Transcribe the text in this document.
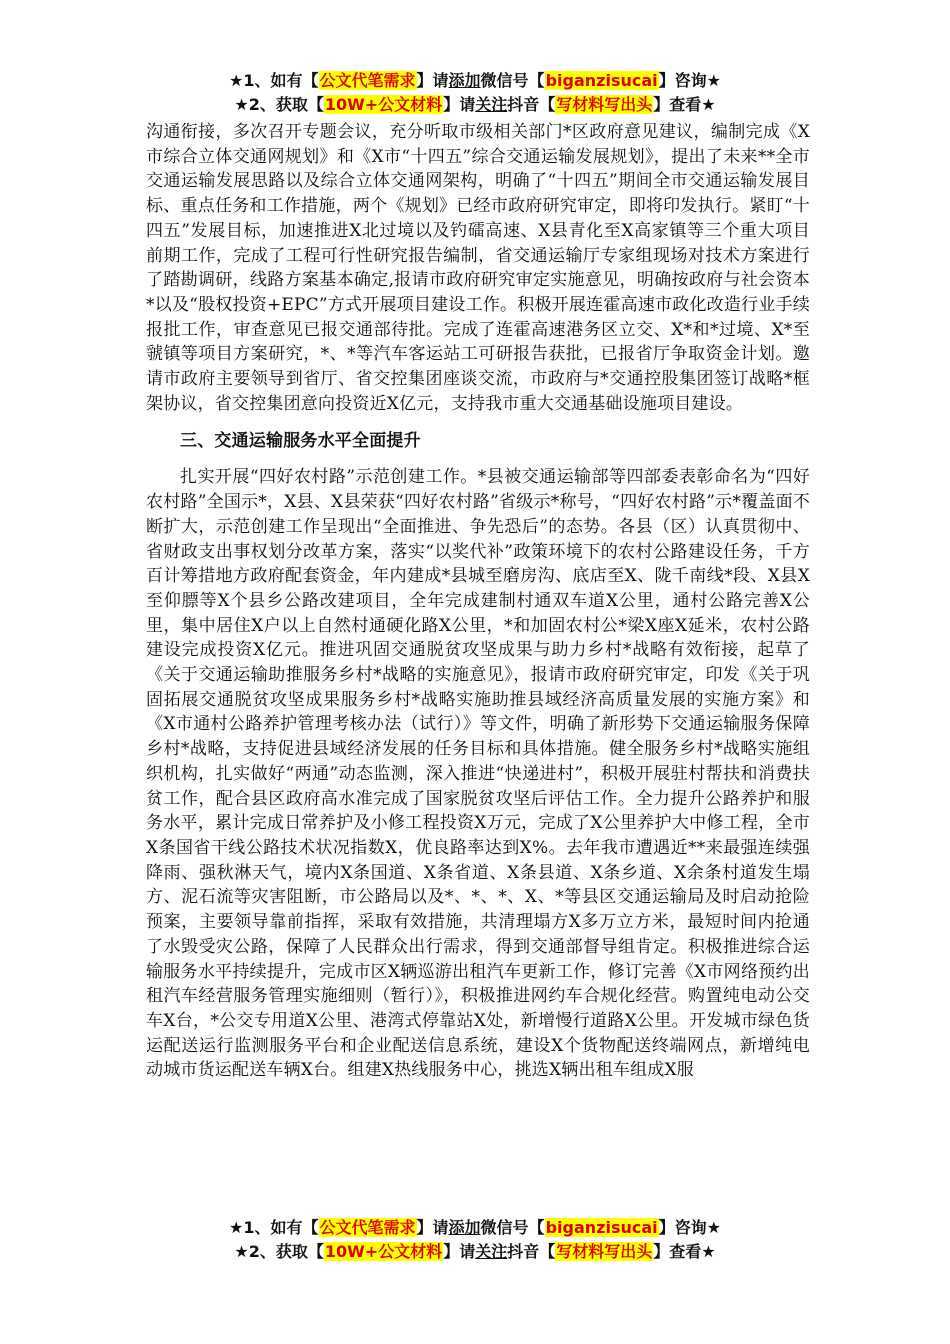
★1、如有【公文代笔需求】请添加微信号【biganzisucai】咨询★
★2、获取【10W+公文材料】请关注抖音【写材料写出头】查看★

沟通衔接，多次召开专题会议，充分听取市级相关部门*区政府意见建议，编制完成《X市综合立体交通网规划》和《X市“十四五”综合交通运输发展规划》，提出了未来**全市交通运输发展思路以及综合立体交通网架构，明确了“十四五”期间全市交通运输发展目标、重点任务和工作措施，两个《规划》已经市政府研究审定，即将印发执行。紧盯“十四五”发展目标，加速推进X北过境以及钓礌高速、X县青化至X高家镇等三个重大项目前期工作，完成了工程可行性研究报告编制，省交通运输厅专家组现场对技术方案进行了踏勘调研，线路方案基本确定,报请市政府研究审定实施意见，明确按政府与社会资本*以及“股权投资+EPC”方式开展项目建设工作。积极开展连霍高速市政化改造行业手续报批工作，审查意见已报交通部待批。完成了连霍高速港务区立交、X*和*过境、X*至虢镇等项目方案研究，*、*等汽车客运站工可研报告获批，已报省厅争取资金计划。邀请市政府主要领导到省厅、省交控集团座谈交流，市政府与*交通控股集团签订战略*框架协议，省交控集团意向投资近X亿元，支持我市重大交通基础设施项目建设。

三、交通运输服务水平全面提升

扎实开展“四好农村路”示范创建工作。*县被交通运输部等四部委表彰命名为“四好农村路”全国示*，X县、X县荣获“四好农村路”省级示*称号，“四好农村路”示*覆盖面不断扩大，示范创建工作呈现出“全面推进、争先恐后”的态势。各县（区）认真贯彻中、省财政支出事权划分改革方案，落实“以奖代补”政策环境下的农村公路建设任务，千方百计筹措地方政府配套资金，年内建成*县城至磨房沟、底店至X、陇千南线*段、X县X至仰膘等X个县乡公路改建项目，全年完成建制村通双车道X公里，通村公路完善X公里，集中居住X户以上自然村通硬化路X公里，*和加固农村公*梁X座X延米，农村公路建设完成投资X亿元。推进巩固交通脱贫攻坚成果与助力乡村*战略有效衔接，起草了《关于交通运输助推服务乡村*战略的实施意见》，报请市政府研究审定，印发《关于巩固拓展交通脱贫攻坚成果服务乡村*战略实施助推县域经济高质量发展的实施方案》和《X市通村公路养护管理考核办法（试行）》等文件，明确了新形势下交通运输服务保障乡村*战略，支持促进县域经济发展的任务目标和具体措施。健全服务乡村*战略实施组织机构，扎实做好“两通”动态监测，深入推进“快递进村”，积极开展驻村帮扶和消费扶贫工作，配合县区政府高水准完成了国家脱贫攻坚后评估工作。全力提升公路养护和服务水平，累计完成日常养护及小修工程投资X万元，完成了X公里养护大中修工程，全市X条国省干线公路技术状况指数X，优良路率达到X%。去年我市遭遇近**来最强连续强降雨、强秋淋天气，境内X条国道、X条省道、X条县道、X条乡道、X余条村道发生塌方、泥石流等灾害阻断，市公路局以及*、*、*、X、*等县区交通运输局及时启动抢险预案，主要领导靠前指挥，采取有效措施，共清理塌方X多万立方米，最短时间内抢通了水毁受灾公路，保障了人民群众出行需求，得到交通部督导组肯定。积极推进综合运输服务水平持续提升，完成市区X辆巡游出租汽车更新工作，修订完善《X市网络预约出租汽车经营服务管理实施细则（暂行）》，积极推进网约车合规化经营。购置纯电动公交车X台，*公交专用道X公里、港湾式停靠站X处，新增慢行道路X公里。开发城市绿色货运配送运行监测服务平台和企业配送信息系统，建设X个货物配送终端网点，新增纯电动城市货运配送车辆X台。组建X热线服务中心，挑选X辆出租车组成X服

★1、如有【公文代笔需求】请添加微信号【biganzisucai】咨询★
★2、获取【10W+公文材料】请关注抖音【写材料写出头】查看★
